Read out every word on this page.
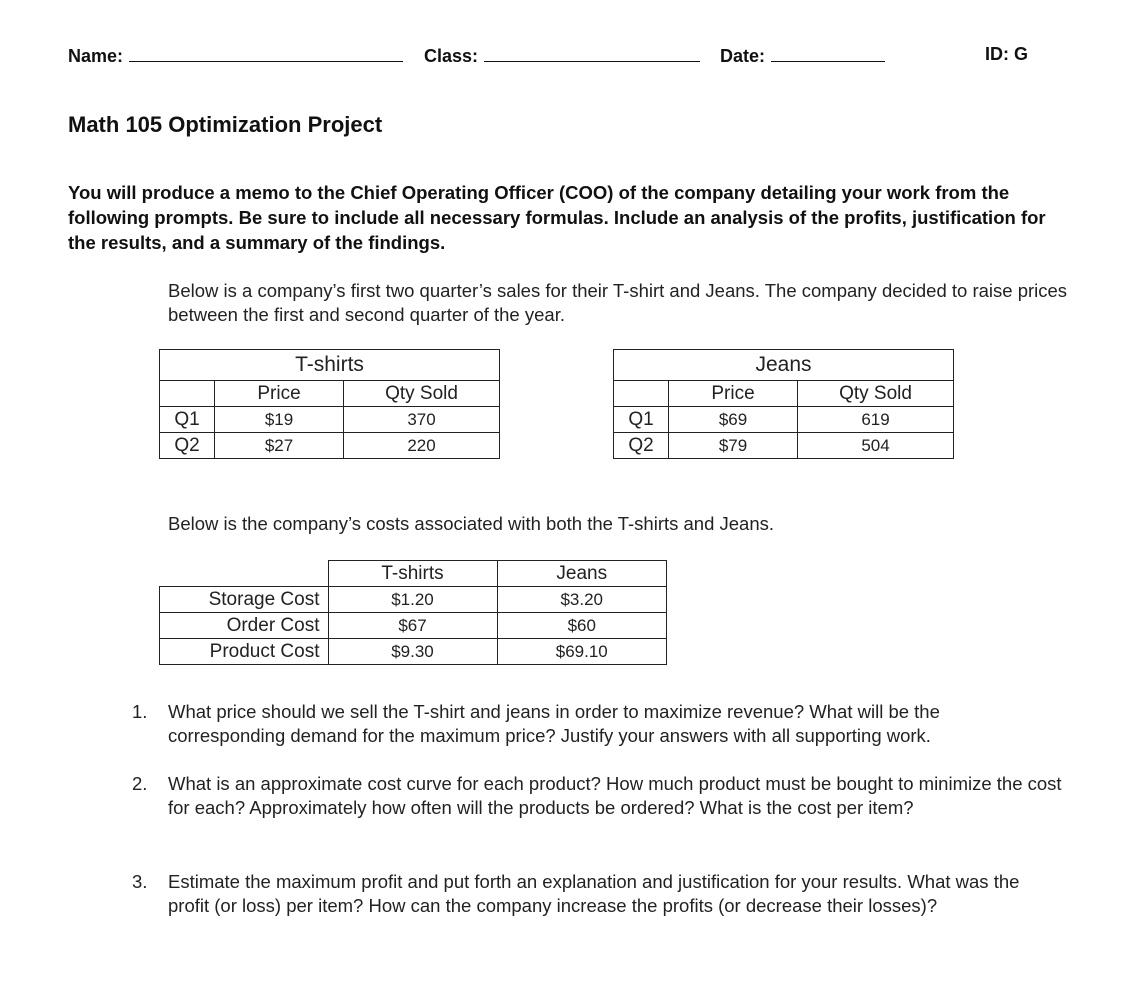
Name:	Class:	Date:	ID: G
Math 105 Optimization Project
You will produce a memo to the Chief Operating Officer (COO) of the company detailing your work from the following prompts. Be sure to include all necessary formulas. Include an analysis of the profits, justification for the results, and a summary of the findings.
Below is a company’s first two quarter’s sales for their T-shirt and Jeans. The company decided to raise prices between the first and second quarter of the year.
T-shirts		
	Price	Qty Sold
Q1	$19	370
Q2	$27	220
Jeans		
	Price	Qty Sold
Q1	$69	619
Q2	$79	504
Below is the company’s costs associated with both the T-shirts and Jeans.
	T-shirts	Jeans
Storage Cost	$1.20	$3.20
Order Cost	$67	$60
Product Cost	$9.30	$69.10
1.	What price should we sell the T-shirt and jeans in order to maximize revenue? What will be the corresponding demand for the maximum price? Justify your answers with all supporting work.
2.	What is an approximate cost curve for each product? How much product must be bought to minimize the cost for each? Approximately how often will the products be ordered? What is the cost per item?
3.	Estimate the maximum profit and put forth an explanation and justification for your results. What was the profit (or loss) per item? How can the company increase the profits (or decrease their losses)?
